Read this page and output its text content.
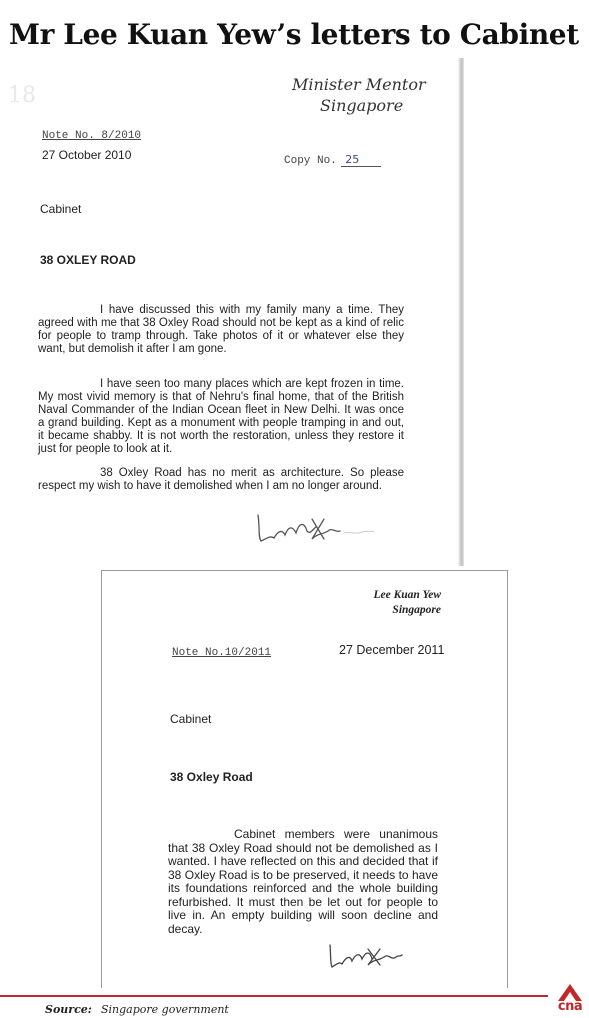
Mr Lee Kuan Yew’s letters to Cabinet
18	Minister Mentor
Singapore
Note No. 8/2010
27 October 2010	Copy No. 25
Cabinet
38 OXLEY ROAD
I have discussed this with my family many a time. They agreed with me that 38 Oxley Road should not be kept as a kind of relic for people to tramp through. Take photos of it or whatever else they want, but demolish it after I am gone.
I have seen too many places which are kept frozen in time. My most vivid memory is that of Nehru's final home, that of the British Naval Commander of the Indian Ocean fleet in New Delhi. It was once a grand building. Kept as a monument with people tramping in and out, it became shabby. It is not worth the restoration, unless they restore it just for people to look at it.
38 Oxley Road has no merit as architecture. So please respect my wish to have it demolished when I am no longer around.
Lee Kuan Yew
Singapore
Note No.10/2011	27 December 2011
Cabinet
38 Oxley Road
Cabinet members were unanimous that 38 Oxley Road should not be demolished as I wanted. I have reflected on this and decided that if 38 Oxley Road is to be preserved, it needs to have its foundations reinforced and the whole building refurbished. It must then be let out for people to live in. An empty building will soon decline and decay.
Source: Singapore government	cna
